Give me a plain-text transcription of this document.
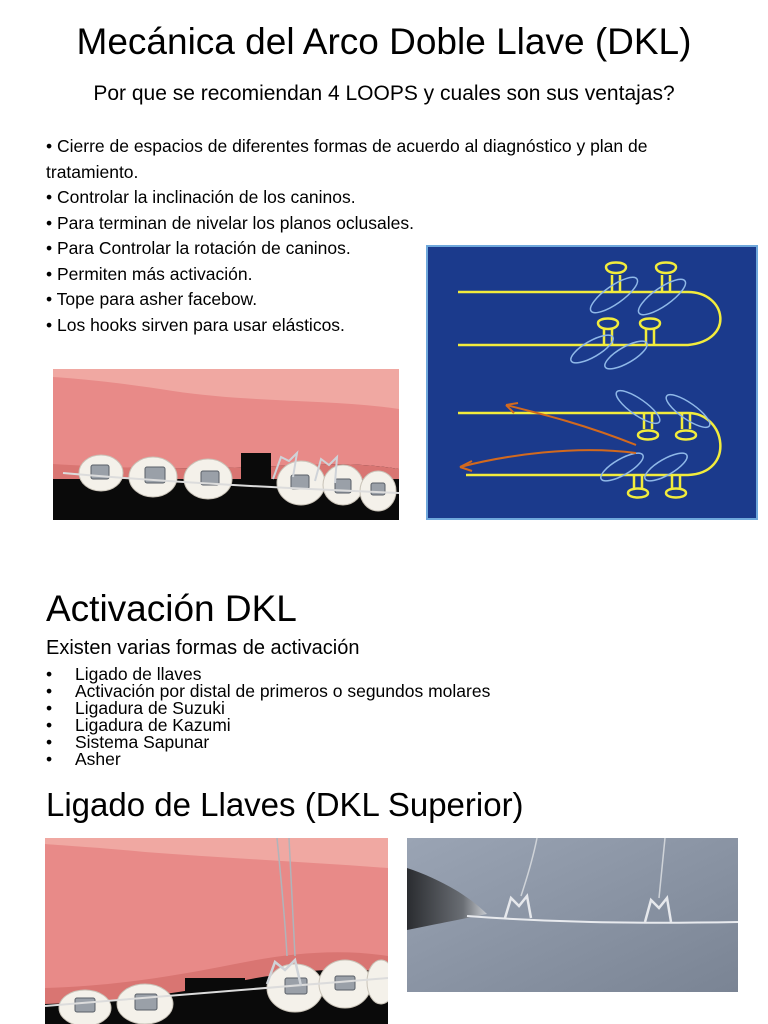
Mecánica del Arco Doble Llave (DKL)
Por que se recomiendan 4 LOOPS y cuales son sus ventajas?
• Cierre de espacios de diferentes formas de acuerdo al diagnóstico y plan de tratamiento.
• Controlar la inclinación de los caninos.
• Para terminan de nivelar los planos oclusales.
• Para Controlar la rotación de caninos.
• Permiten más activación.
• Tope para asher facebow.
• Los hooks sirven para usar elásticos.
Activación DKL
Existen varias formas de activación
• Ligado de llaves
• Activación por distal de primeros o segundos molares
• Ligadura de Suzuki
• Ligadura de Kazumi
• Sistema Sapunar
• Asher
Ligado de Llaves (DKL Superior)
